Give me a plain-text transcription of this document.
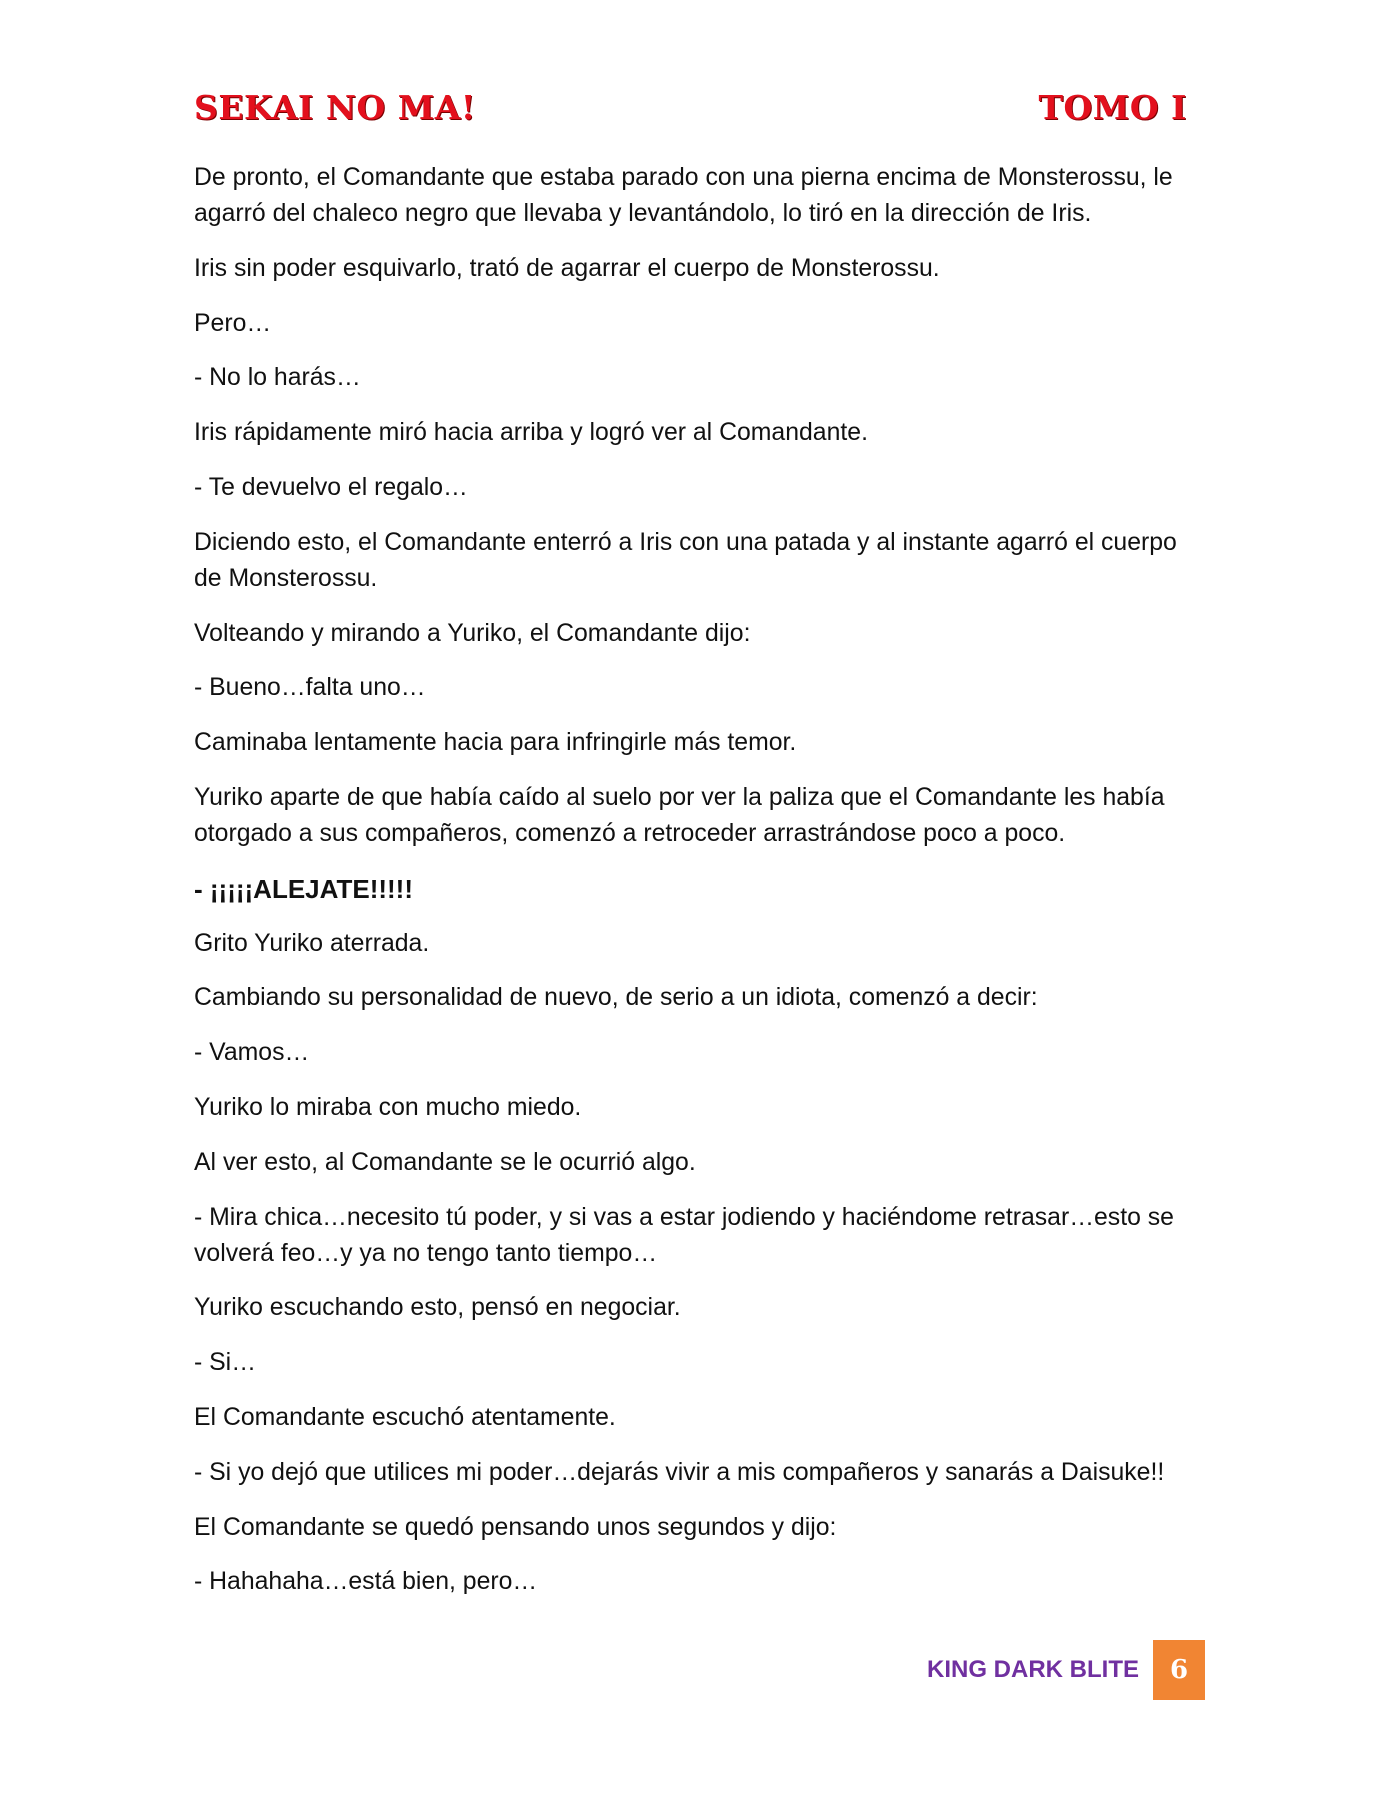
SEKAI NO MA!	TOMO I

De pronto, el Comandante que estaba parado con una pierna encima de Monsterossu, le agarró del chaleco negro que llevaba y levantándolo, lo tiró en la dirección de Iris.

Iris sin poder esquivarlo, trató de agarrar el cuerpo de Monsterossu.

Pero…

- No lo harás…

Iris rápidamente miró hacia arriba y logró ver al Comandante.

- Te devuelvo el regalo…

Diciendo esto, el Comandante enterró a Iris con una patada y al instante agarró el cuerpo de Monsterossu.

Volteando y mirando a Yuriko, el Comandante dijo:

- Bueno…falta uno…

Caminaba lentamente hacia para infringirle más temor.

Yuriko aparte de que había caído al suelo por ver la paliza que el Comandante les había otorgado a sus compañeros, comenzó a retroceder arrastrándose poco a poco.

- ¡¡¡¡¡ALEJATE!!!!!

Grito Yuriko aterrada.

Cambiando su personalidad de nuevo, de serio a un idiota, comenzó a decir:

- Vamos…

Yuriko lo miraba con mucho miedo.

Al ver esto, al Comandante se le ocurrió algo.

- Mira chica…necesito tú poder, y si vas a estar jodiendo y haciéndome retrasar…esto se volverá feo…y ya no tengo tanto tiempo…

Yuriko escuchando esto, pensó en negociar.

- Si…

El Comandante escuchó atentamente.

- Si yo dejó que utilices mi poder…dejarás vivir a mis compañeros y sanarás a Daisuke!!

El Comandante se quedó pensando unos segundos y dijo:

- Hahahaha…está bien, pero…

KING DARK BLITE	6
